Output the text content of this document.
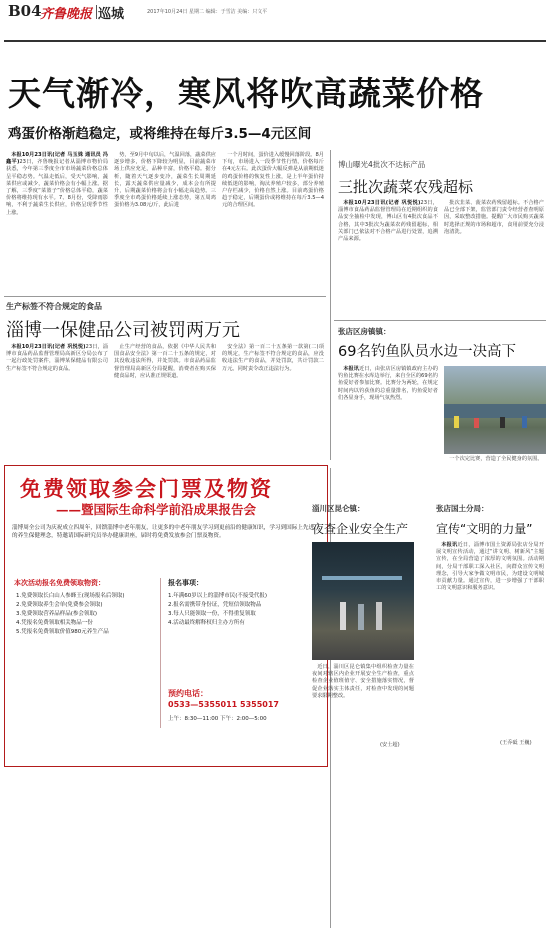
B04
齐鲁晚报 巡城	2017年10月24日 星期二 编辑：于雪洁 美编：只文平
天气渐冷，寒风将吹高蔬菜价格
鸡蛋价格渐趋稳定，或将维持在每斤3.5—4元区间

本报10月23日讯(记者 马玉姝 通讯员 冯鑫平)23日，齐鲁晚报记者从淄博市物价局获悉，今年第三季度全市市场蔬菜价格总体呈平稳态势。气温走低后，受天气影响，蔬菜供应或减少，蔬菜价格会有小幅上涨。据了解，三季度“菜篮子”价格总体平稳，蔬菜价格将维持现有水平。7、8月份，受降雨影响，不利于蔬菜生长供应，价格呈现季节性上涨。

势，至9月中旬以后，气温回落，蔬菜供应逐步增多，价格下降较为明显，目前蔬菜市场上供应充足，品种丰富，价格平稳。据分析，随着天气逐步变冷，蔬菜生长周期延长，露天蔬菜供应量减少，成本会有所提升，后期蔬菜价格将会有小幅走高趋势。三季度全市鸡蛋价格延续上涨态势，第五周鸡蛋价格为3.08元/斤，此后进

一个月时间，蛋价进入缓慢回落阶段。8月下旬，市场进入一段季节性行情，价格每斤在4元左右。此次蛋价大幅反弹是从前期低迷的鸡蛋价格的恢复性上涨，是上半年蛋价持续低迷的影响，淘汰养殖户较多，部分养殖户存栏减少，价格自然上涨。目前鸡蛋价格趋于稳定，后期蛋价或将维持在每斤3.5—4元的合理区间。

生产标签不符合规定的食品
淄博一保健品公司被罚两万元

本报10月23日讯(记者 巩悦悦)23日，淄博市食品药品监督管理局高新区分局公布了一起行政处罚案件，淄博某保健品有限公司生产标签不符合规定的食品。

止生产经营的食品，依据《中华人民共和国食品安全法》第一百二十五条的规定，对其没收违法所得，并处罚款。市食品药品监督管理局高新区分局提醒，消费者在购买保健食品时，应认准正规渠道。

安全法》第一百二十五条第一款第(二)项的规定，生产标签不符合规定的食品，应没收违法生产的食品，并处罚款，共计罚款二万元。同时责令改正违法行为。

博山曝光4批次不达标产品
三批次蔬菜农残超标

本报10月23日讯(记者 巩悦悦)23日，淄博市食品药品监督管理局在近期组织的食品安全抽检中发现，博山区有4批次食品不合格，其中3批次为蔬菜农药残留超标，相关部门已依法对不合格产品进行处置，追溯产品来源。

批次韭菜、菠菜农药残留超标。不合格产品已全部下架，监管部门责令经营者查明原因，采取整改措施。提醒广大市民购买蔬菜时选择正规的市场和超市，食用前要充分浸泡清洗。

张店区房镇镇：
69名钓鱼队员水边一决高下

本报讯近日，由张店区房镇镇政府主办的钓鱼比赛在水库边举行，来自全区的69名钓鱼爱好者参加比赛。比赛分为两轮，在规定时间内以钓获鱼的总重量排名，钓鱼爱好者们各显身手，现场气氛热烈。

一个次完比赛，营造了全民健身的氛围。

免费领取参会门票及物资
——暨国际生命科学前沿成果报告会
淄博周全公司为庆祝成立四周年，回馈淄博中老年朋友，让更多的中老年朋友学习到更前沿的健康知识，学习到国际上先进的养生保健理念，特邀请国际研究员举办健康讲座，届时将免费发放参会门票及物资。
本次活动报名免费领取物资：
1.免费领取长白山人参蜂王(现场报名后领取)
2.免费领取养生会单(免费参会领取)
3.免费领取营养品样品(参会领取)
4.凭报名免费领取相关物品一份
5.凭报名免费领取价值980元养生产品
报名事项：
1.年满60岁以上的淄博市民(不接受代报)
2.报名需携带身份证，凭短信领取物品
3.每人只能领取一份，不得重复领取
4.活动最终解释权归主办方所有
预约电话：
0533—5355011 5355017
上午：8:30—11:00 下午：2:00—5:00
淄川区昆仑镇：
夜查企业安全生产

近日，淄川区昆仑镇集中组织检查力量在夜间对辖区内企业开展安全生产检查，重点检查企业值班值守、安全措施落实情况，督促企业落实主体责任，对检查中发现的问题要求限期整改。

(安士超)
张店国土分局：
宣传“文明的力量”

本报讯近日，淄博市国土资源局张店分局开展文明宣传活动，通过“讲文明、树新风”主题宣传，在全局营造了浓厚的文明氛围。活动期间，分局干部职工深入社区，向群众宣传文明理念，引导大家争做文明市民，为建设文明城市贡献力量。通过宣传，进一步增强了干部职工的文明意识和服务意识。

(王乔砥 王巍)
